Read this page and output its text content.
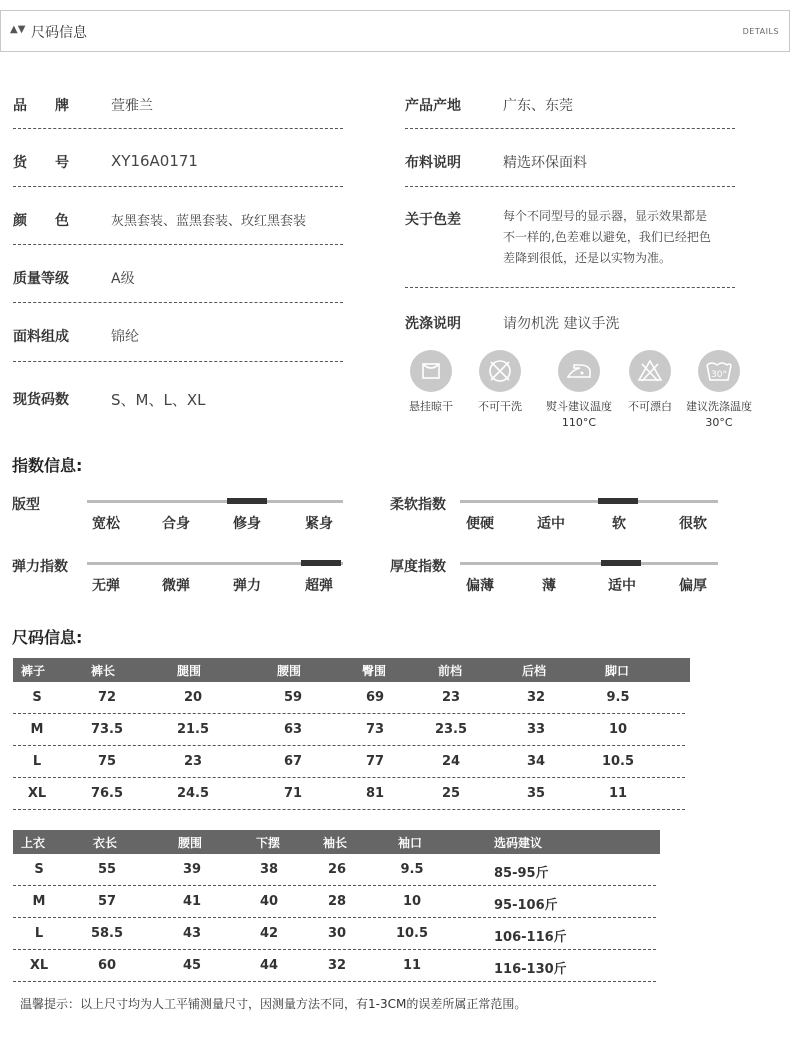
▲▼ 尺码信息	DETAILS
品　　牌	萱雅兰
货　　号	XY16A0171
颜　　色	灰黑套装、蓝黑套装、玫红黑套装
质量等级	A级
面料组成	锦纶
现货码数	S、M、L、XL
产品产地	广东、东莞
布料说明	精选环保面料
关于色差	每个不同型号的显示器，显示效果都是
不一样的,色差难以避免，我们已经把色
差降到很低，还是以实物为准。
洗涤说明	请勿机洗 建议手洗
悬挂晾干	不可干洗	熨斗建议温度
110°C
不可漂白
30°
建议洗涤温度
30°C
指数信息:
版型
宽松	合身	修身	紧身
柔软指数
便硬	适中	软	很软
弹力指数
无弹	微弹	弹力	超弹
厚度指数
偏薄	薄	适中	偏厚
尺码信息:
裤子	裤长	腿围	腰围	臀围	前档	后档	脚口
S	72	20	59	69	23	32	9.5
M	73.5	21.5	63	73	23.5	33	10
L	75	23	67	77	24	34	10.5
XL	76.5	24.5	71	81	25	35	11
上衣	衣长	腰围	下摆	袖长	袖口	选码建议
S	55	39	38	26	9.5	85-95斤
M	57	41	40	28	10	95-106斤
L	58.5	43	42	30	10.5	106-116斤
XL	60	45	44	32	11	116-130斤
温馨提示：以上尺寸均为人工平铺测量尺寸，因测量方法不同，有1-3CM的误差所属正常范围。
